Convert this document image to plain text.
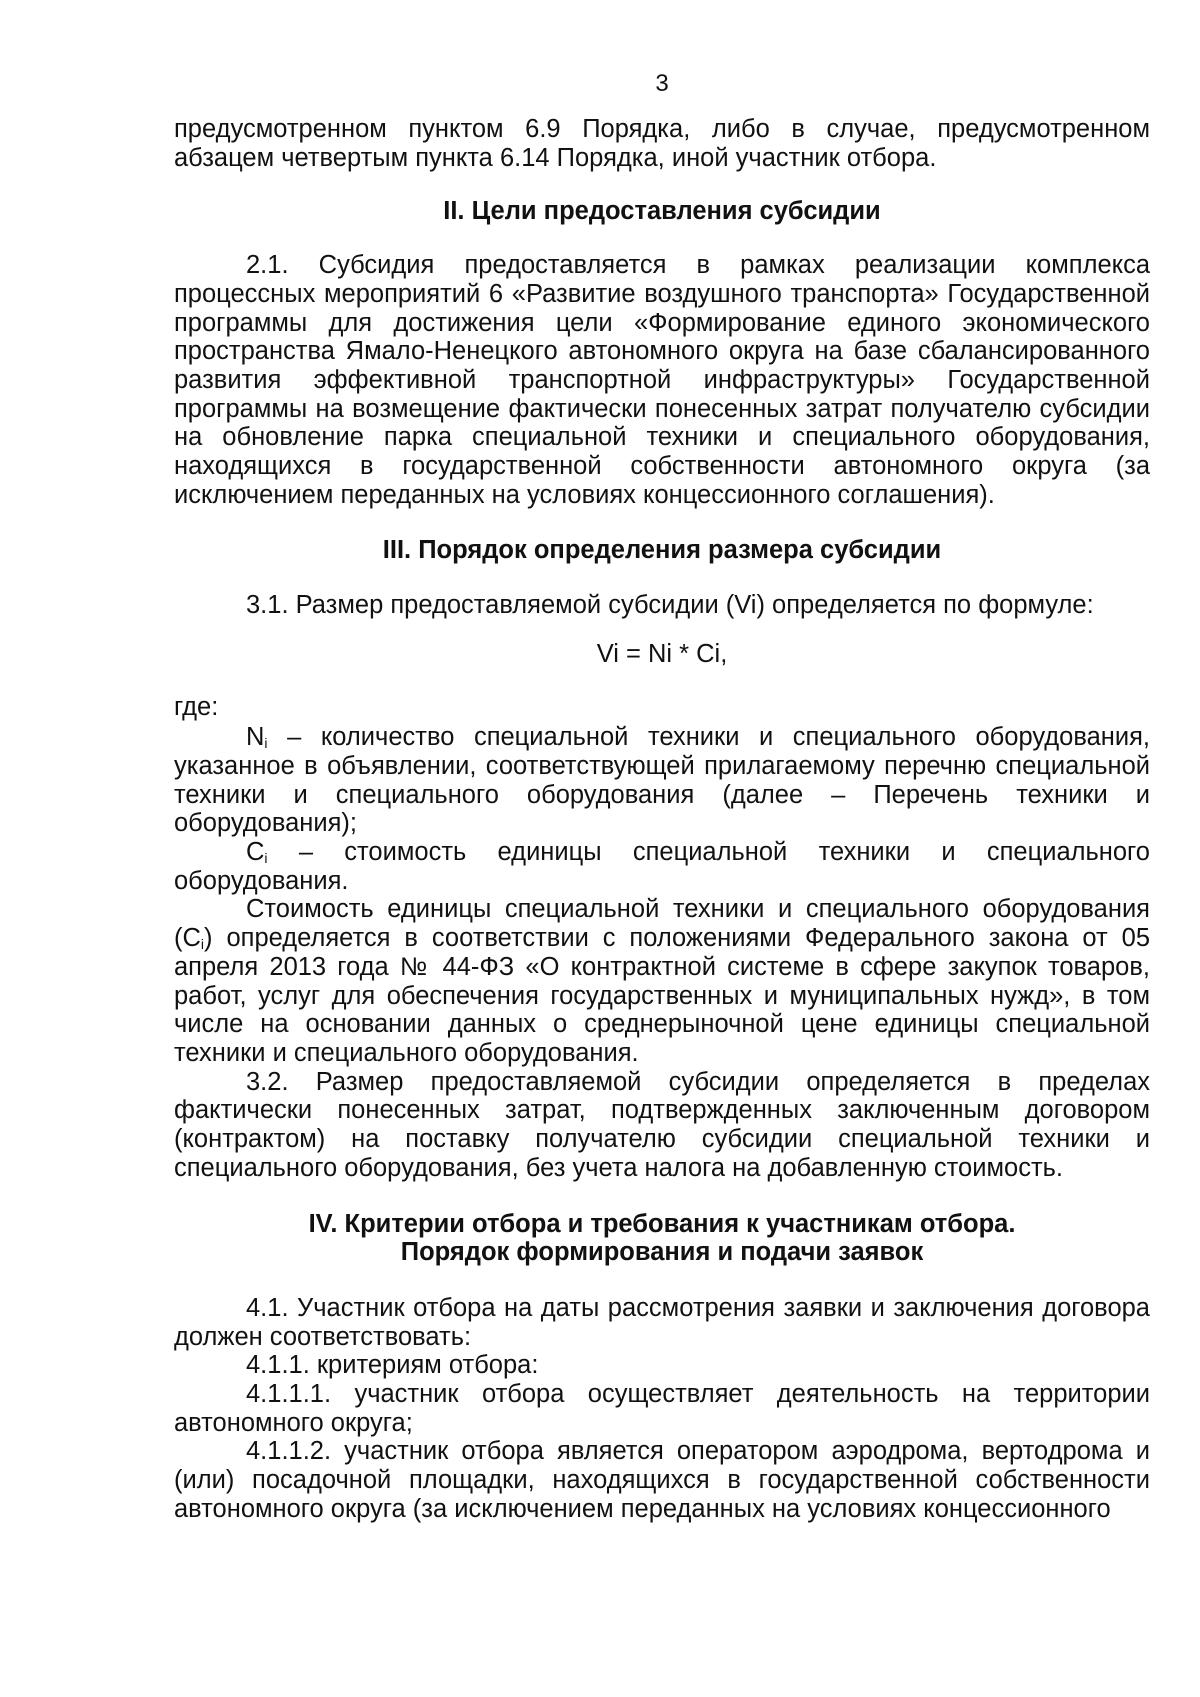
3

предусмотренном пунктом 6.9 Порядка, либо в случае, предусмотренном абзацем четвертым пункта 6.14 Порядка, иной участник отбора.

II. Цели предоставления субсидии

2.1. Субсидия предоставляется в рамках реализации комплекса процессных мероприятий 6 «Развитие воздушного транспорта» Государственной программы для достижения цели «Формирование единого экономического пространства Ямало-Ненецкого автономного округа на базе сбалансированного развития эффективной транспортной инфраструктуры» Государственной программы на возмещение фактически понесенных затрат получателю субсидии на обновление парка специальной техники и специального оборудования, находящихся в государственной собственности автономного округа (за исключением переданных на условиях концессионного соглашения).

III. Порядок определения размера субсидии

3.1. Размер предоставляемой субсидии (Vi) определяется по формуле:

Vi = Ni * Ci,

где:

$N_i$ – количество специальной техники и специального оборудования, указанное в объявлении, соответствующей прилагаемому перечню специальной техники и специального оборудования (далее – Перечень техники и оборудования);

$C_i$ – стоимость единицы специальной техники и специального оборудования.

Стоимость единицы специальной техники и специального оборудования $(C_i)$ определяется в соответствии с положениями Федерального закона от 05 апреля 2013 года № 44-ФЗ «О контрактной системе в сфере закупок товаров, работ, услуг для обеспечения государственных и муниципальных нужд», в том числе на основании данных о среднерыночной цене единицы специальной техники и специального оборудования.

3.2. Размер предоставляемой субсидии определяется в пределах фактически понесенных затрат, подтвержденных заключенным договором (контрактом) на поставку получателю субсидии специальной техники и специального оборудования, без учета налога на добавленную стоимость.

IV. Критерии отбора и требования к участникам отбора.
Порядок формирования и подачи заявок

4.1. Участник отбора на даты рассмотрения заявки и заключения договора должен соответствовать:

4.1.1. критериям отбора:

4.1.1.1. участник отбора осуществляет деятельность на территории автономного округа;

4.1.1.2. участник отбора является оператором аэродрома, вертодрома и (или) посадочной площадки, находящихся в государственной собственности автономного округа (за исключением переданных на условиях концессионного
